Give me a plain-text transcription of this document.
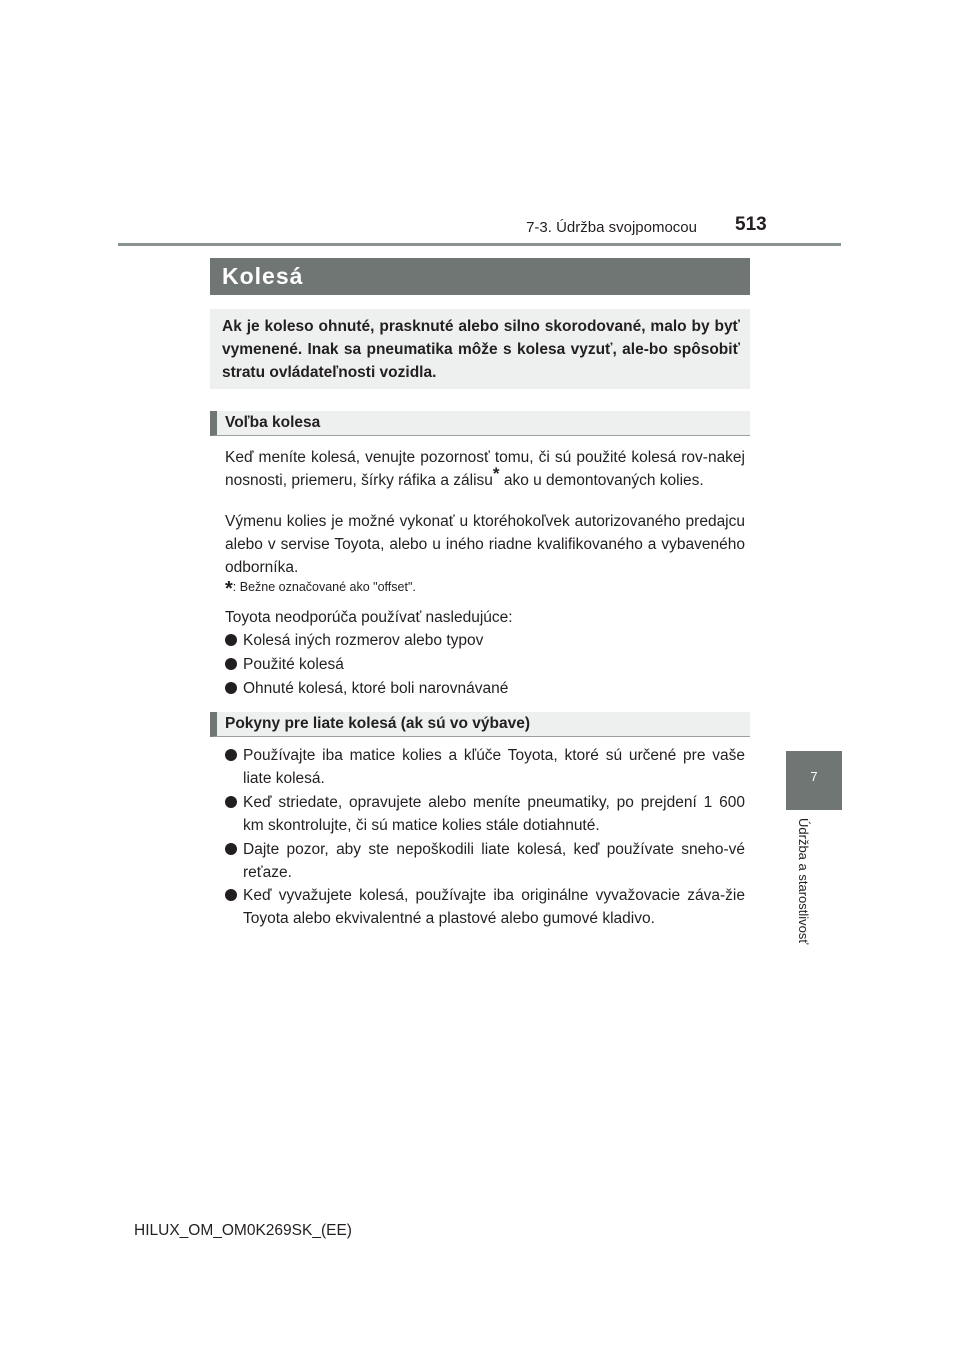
7-3. Údržba svojpomocou 513
7
Údržba a starostlivosť
Kolesá
Ak je koleso ohnuté, prasknuté alebo silno skorodované, malo by byť vymenené. Inak sa pneumatika môže s kolesa vyzuť, ale-bo spôsobiť stratu ovládateľnosti vozidla.
Voľba kolesa
Keď meníte kolesá, venujte pozornosť tomu, či sú použité kolesá rov-nakej nosnosti, priemeru, šírky ráfika a zálisu* ako u demontovaných kolies.
Výmenu kolies je možné vykonať u ktoréhokoľvek autorizovaného predajcu alebo v servise Toyota, alebo u iného riadne kvalifikovaného a vybaveného odborníka.
*: Bežne označované ako "offset".
Toyota neodporúča používať nasledujúce:
Kolesá iných rozmerov alebo typov
Použité kolesá
Ohnuté kolesá, ktoré boli narovnávané
Pokyny pre liate kolesá (ak sú vo výbave)
Používajte iba matice kolies a kľúče Toyota, ktoré sú určené pre vaše liate kolesá.
Keď striedate, opravujete alebo meníte pneumatiky, po prejdení 1 600 km skontrolujte, či sú matice kolies stále dotiahnuté.
Dajte pozor, aby ste nepoškodili liate kolesá, keď používate sneho-vé reťaze.
Keď vyvažujete kolesá, používajte iba originálne vyvažovacie záva-žie Toyota alebo ekvivalentné a plastové alebo gumové kladivo.
HILUX_OM_OM0K269SK_(EE)
